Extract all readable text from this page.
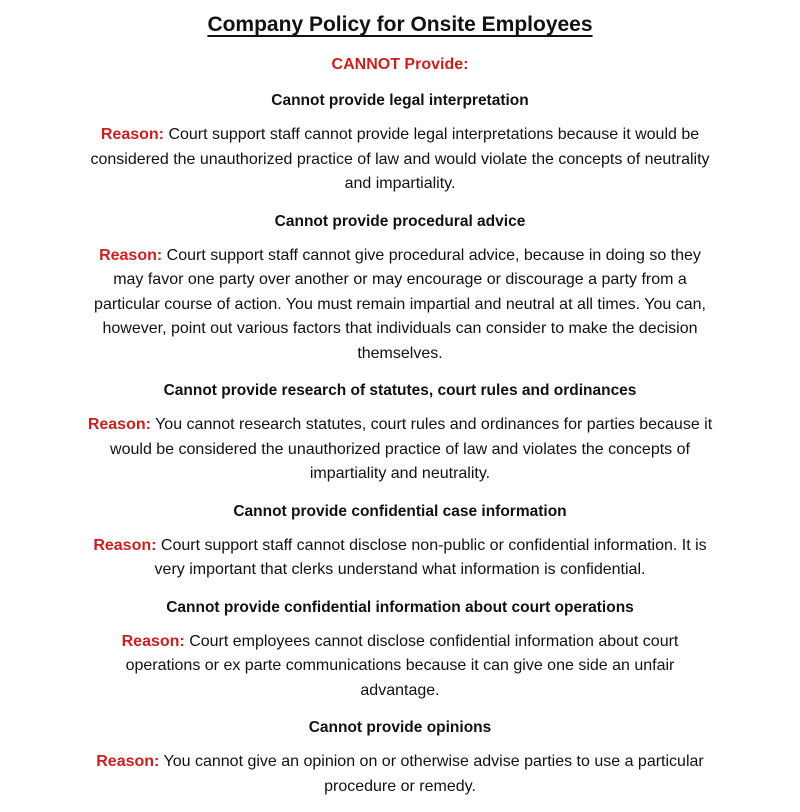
Company Policy for Onsite Employees
CANNOT Provide:
Cannot provide legal interpretation
Reason: Court support staff cannot provide legal interpretations because it would be considered the unauthorized practice of law and would violate the concepts of neutrality and impartiality.
Cannot provide procedural advice
Reason: Court support staff cannot give procedural advice, because in doing so they may favor one party over another or may encourage or discourage a party from a particular course of action. You must remain impartial and neutral at all times. You can, however, point out various factors that individuals can consider to make the decision themselves.
Cannot provide research of statutes, court rules and ordinances
Reason: You cannot research statutes, court rules and ordinances for parties because it would be considered the unauthorized practice of law and violates the concepts of impartiality and neutrality.
Cannot provide confidential case information
Reason: Court support staff cannot disclose non-public or confidential information. It is very important that clerks understand what information is confidential.
Cannot provide confidential information about court operations
Reason: Court employees cannot disclose confidential information about court operations or ex parte communications because it can give one side an unfair advantage.
Cannot provide opinions
Reason: You cannot give an opinion on or otherwise advise parties to use a particular procedure or remedy.
